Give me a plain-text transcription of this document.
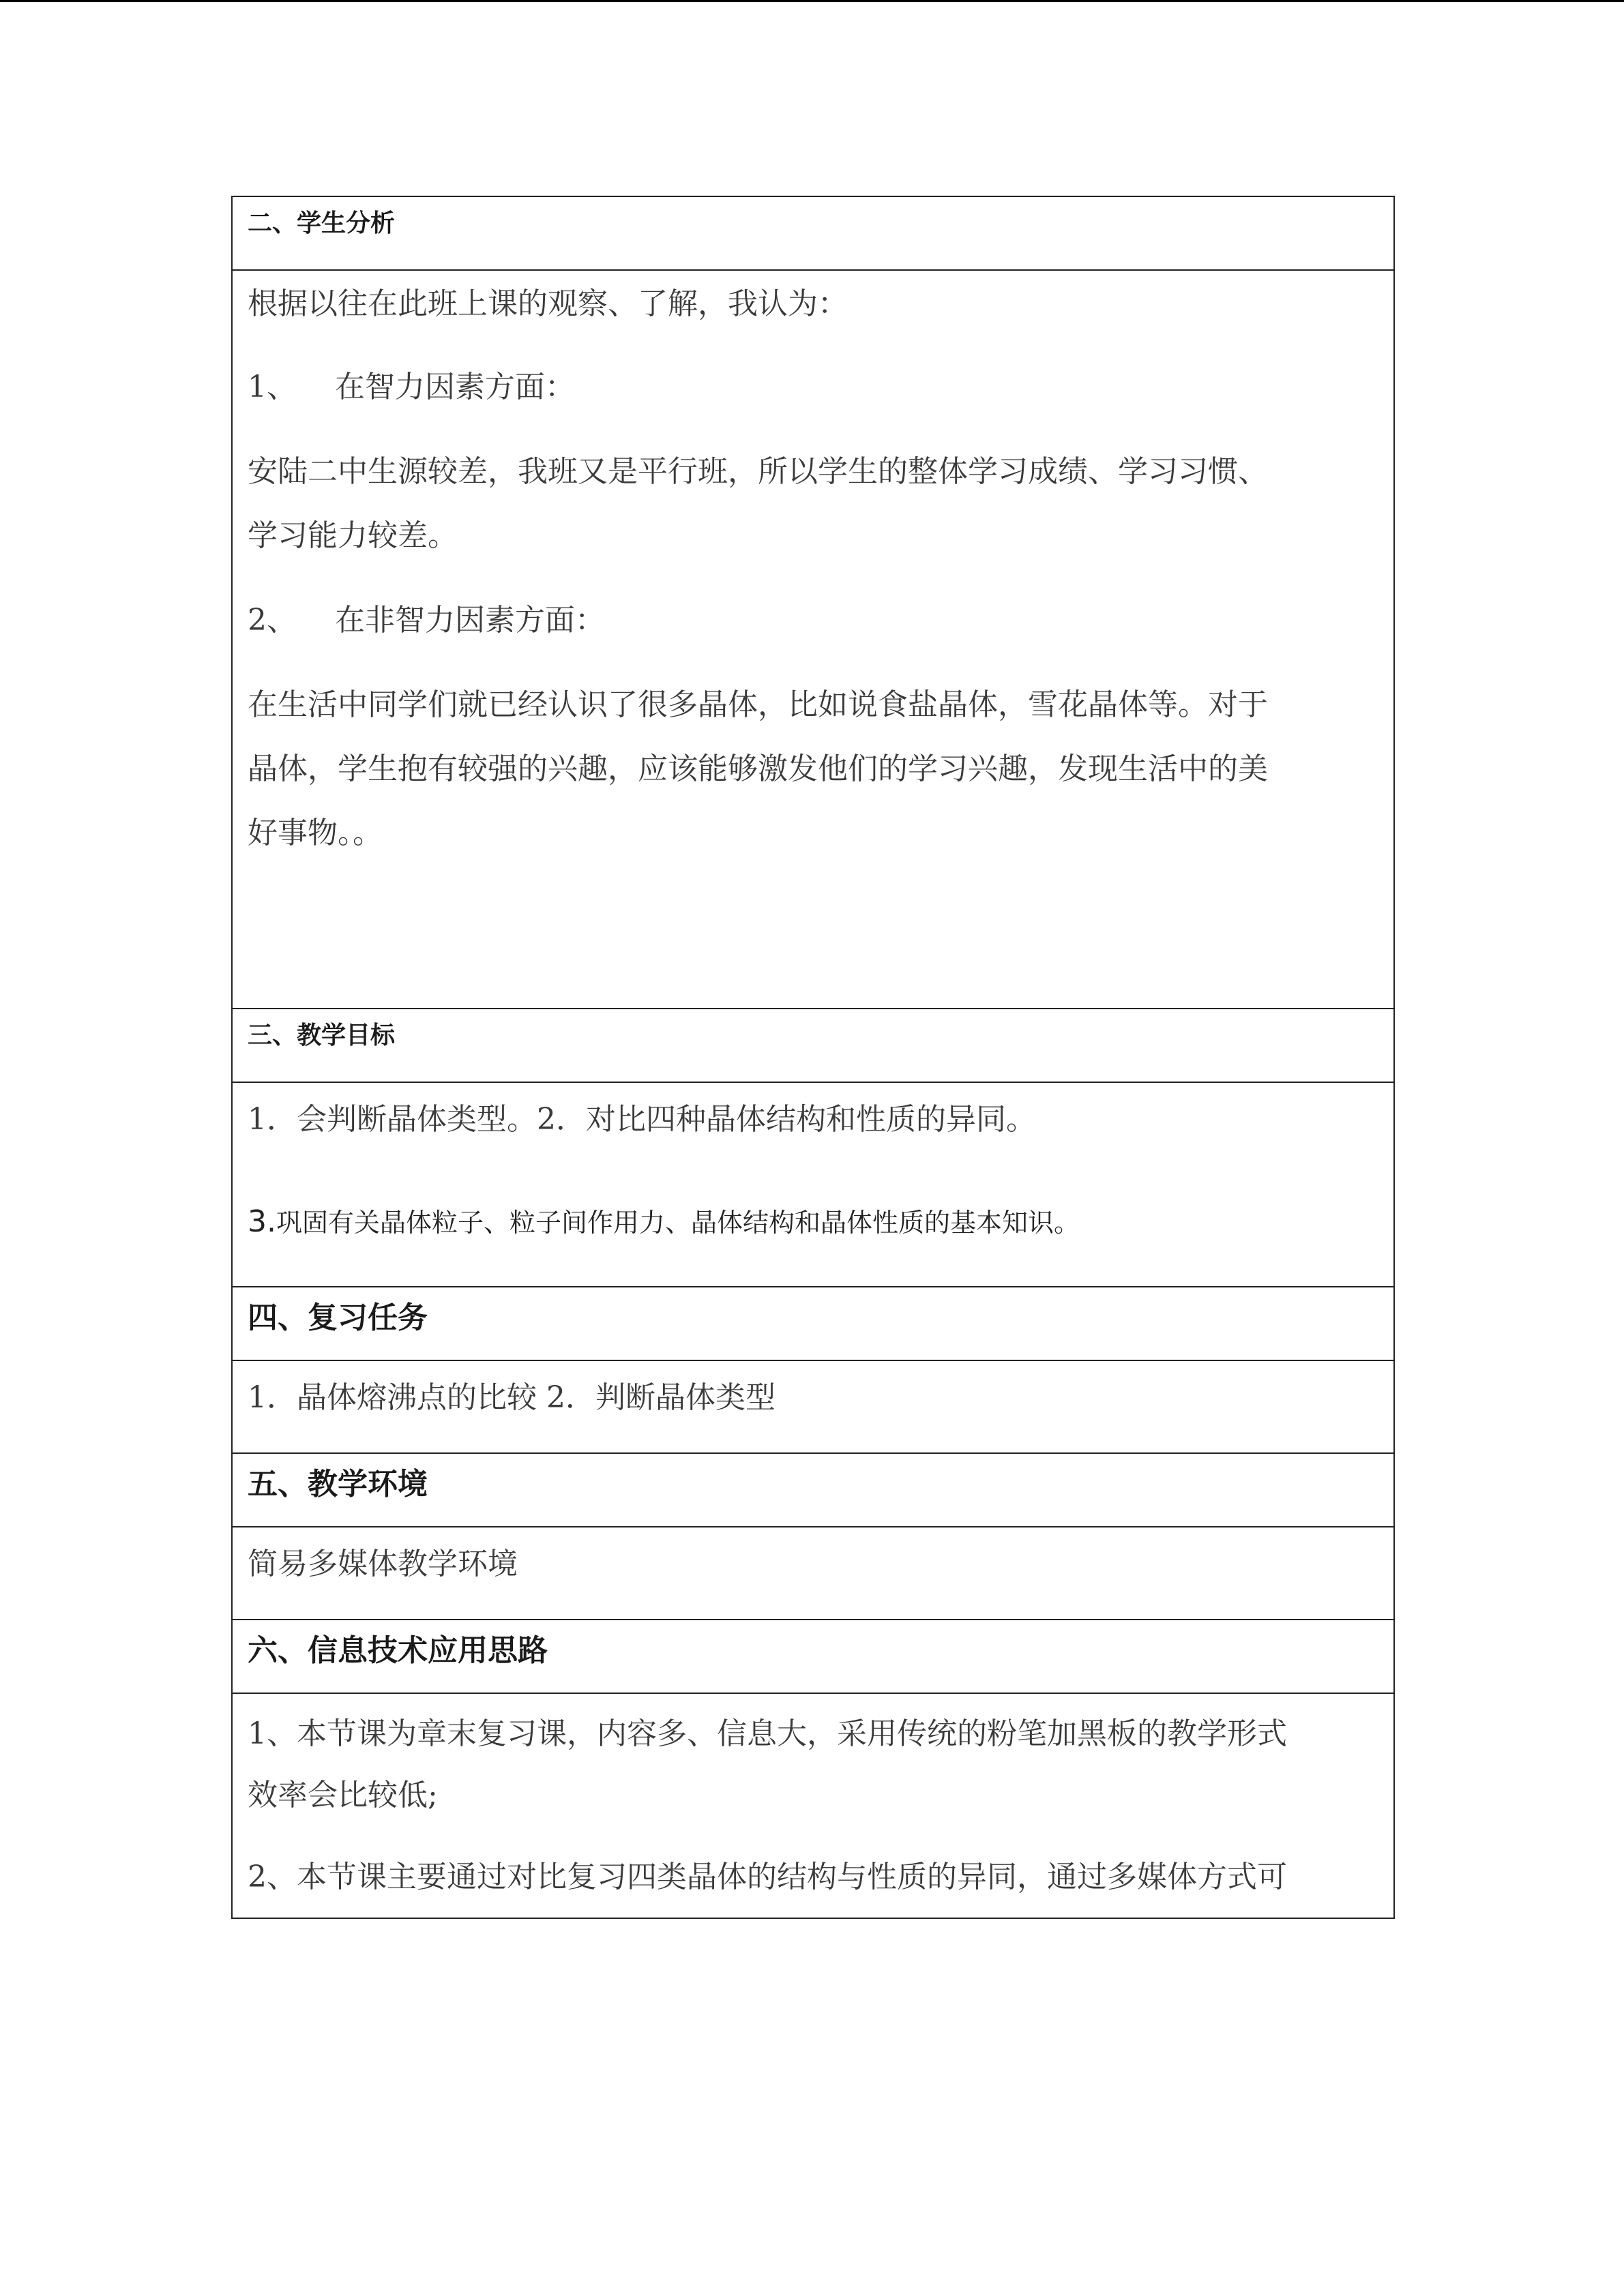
二、学生分析

根据以往在此班上课的观察、了解，我认为：

1、    在智力因素方面：

安陆二中生源较差，我班又是平行班，所以学生的整体学习成绩、学习习惯、

学习能力较差。

2、    在非智力因素方面：

在生活中同学们就已经认识了很多晶体，比如说食盐晶体，雪花晶体等。对于

晶体，学生抱有较强的兴趣，应该能够激发他们的学习兴趣，发现生活中的美

好事物。。

三、教学目标

1．会判断晶体类型。2．对比四种晶体结构和性质的异同。

3.巩固有关晶体粒子、粒子间作用力、晶体结构和晶体性质的基本知识。

四、复习任务

1．晶体熔沸点的比较 2．判断晶体类型

五、教学环境

简易多媒体教学环境

六、信息技术应用思路

1、本节课为章末复习课，内容多、信息大，采用传统的粉笔加黑板的教学形式

效率会比较低;

2、本节课主要通过对比复习四类晶体的结构与性质的异同，通过多媒体方式可
